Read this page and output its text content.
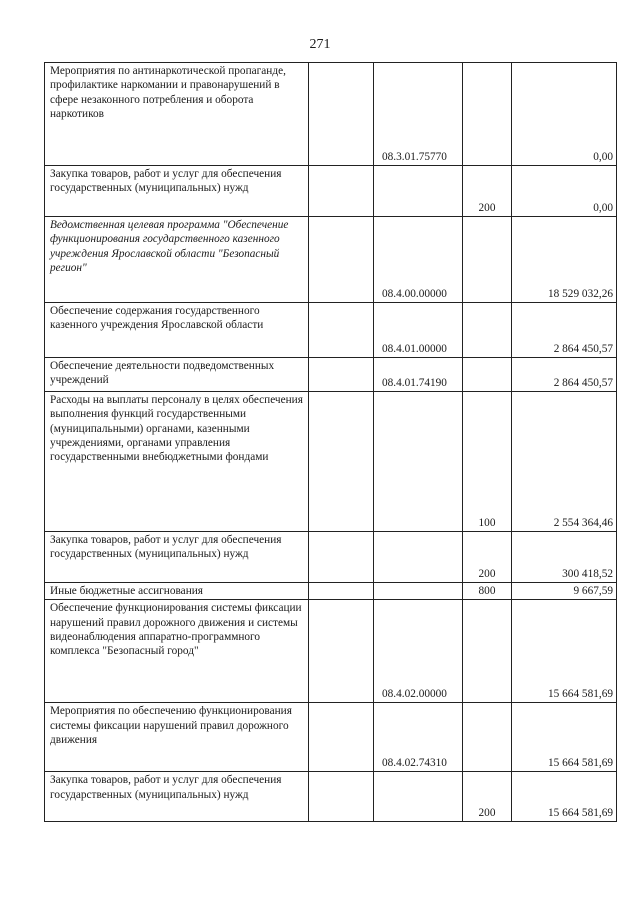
271
Мероприятия по антинаркотической пропаганде, профилактике наркомании и правонарушений в сфере незаконного потребления и оборота наркотиков		08.3.01.75770		0,00
Закупка товаров, работ и услуг для обеспечения государственных (муниципальных) нужд			200	0,00
Ведомственная целевая программа "Обеспечение функционирования государственного казенного учреждения Ярославской области "Безопасный регион"		08.4.00.00000		18 529 032,26
Обеспечение содержания государственного казенного учреждения Ярославской области		08.4.01.00000		2 864 450,57
Обеспечение деятельности подведомственных учреждений		08.4.01.74190		2 864 450,57
Расходы на выплаты персоналу в целях обеспечения выполнения функций государственными (муниципальными) органами, казенными учреждениями, органами управления государственными внебюджетными фондами			100	2 554 364,46
Закупка товаров, работ и услуг для обеспечения государственных (муниципальных) нужд			200	300 418,52
Иные бюджетные ассигнования			800	9 667,59
Обеспечение функционирования системы фиксации нарушений правил дорожного движения и системы видеонаблюдения аппаратно-программного комплекса "Безопасный город"		08.4.02.00000		15 664 581,69
Мероприятия по обеспечению функционирования системы фиксации нарушений правил дорожного движения		08.4.02.74310		15 664 581,69
Закупка товаров, работ и услуг для обеспечения государственных (муниципальных) нужд			200	15 664 581,69
